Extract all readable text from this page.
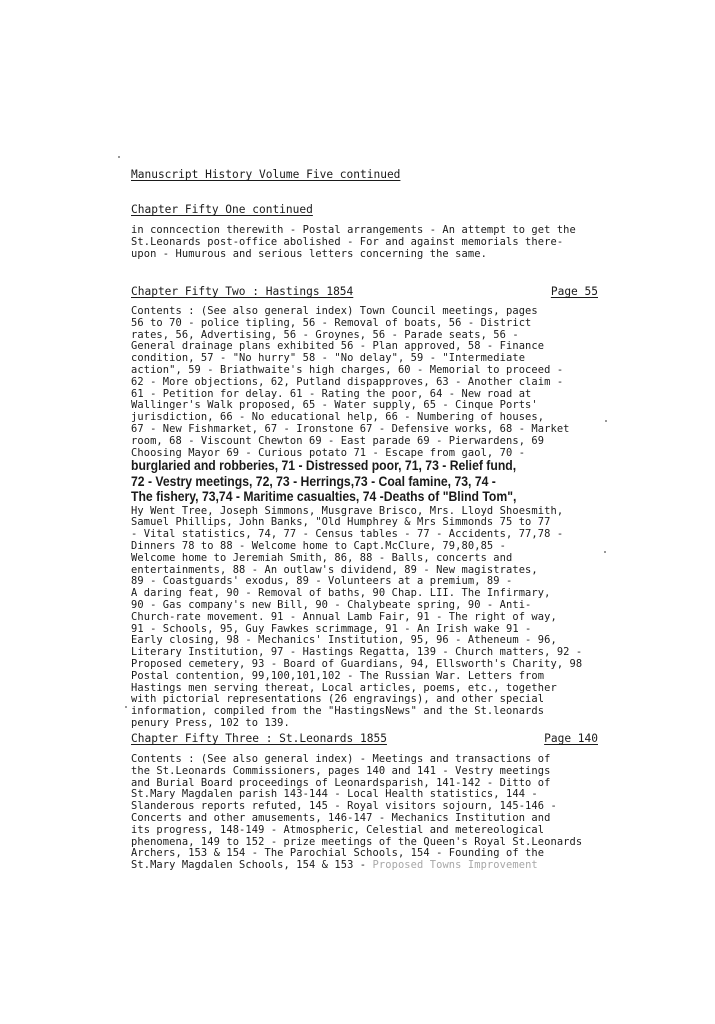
Manuscript History Volume Five continued
Chapter Fifty One continued
in conncection therewith - Postal arrangements - An attempt to get the
St.Leonards post-office abolished - For and against memorials there-
upon - Humurous and serious letters concerning the same.
Chapter Fifty Two : Hastings 1854	Page 55
Contents : (See also general index) Town Council meetings, pages
56 to 70 - police tipling, 56 - Removal of boats, 56 - District
rates, 56, Advertising, 56 - Groynes, 56 - Parade seats, 56 -
General drainage plans exhibited 56 - Plan approved, 58 - Finance
condition, 57 - "No hurry" 58 - "No delay", 59 - "Intermediate
action", 59 - Briathwaite's high charges, 60 - Memorial to proceed -
62 - More objections, 62, Putland dispapproves, 63 - Another claim -
61 - Petition for delay. 61 - Rating the poor, 64 - New road at
Wallinger's Walk proposed, 65 - Water supply, 65 - Cinque Ports'
jurisdiction, 66 - No educational help, 66 - Numbering of houses,
67 - New Fishmarket, 67 - Ironstone 67 - Defensive works, 68 - Market
room, 68 - Viscount Chewton 69 - East parade 69 - Pierwardens, 69
Choosing Mayor 69 - Curious potato 71 - Escape from gaol, 70 -
burglaried and robberies, 71 - Distressed poor, 71, 73 - Relief fund,
72 - Vestry meetings, 72, 73 - Herrings,73 - Coal famine, 73, 74 -
The fishery, 73,74 - Maritime casualties, 74 -Deaths of "Blind Tom",
Hy Went Tree, Joseph Simmons, Musgrave Brisco, Mrs. Lloyd Shoesmith,
Samuel Phillips, John Banks, "Old Humphrey & Mrs Simmonds 75 to 77
- Vital statistics, 74, 77 - Census tables - 77 - Accidents, 77,78 -
Dinners 78 to 88 - Welcome home to Capt.McClure, 79,80,85 -
Welcome home to Jeremiah Smith, 86, 88 - Balls, concerts and
entertainments, 88 - An outlaw's dividend, 89 - New magistrates,
89 - Coastguards' exodus, 89 - Volunteers at a premium, 89 -
A daring feat, 90 - Removal of baths, 90 Chap. LII. The Infirmary,
90 - Gas company's new Bill, 90 - Chalybeate spring, 90 - Anti-
Church-rate movement. 91 - Annual Lamb Fair, 91 - The right of way,
91 - Schools, 95, Guy Fawkes scrimmage, 91 - An Irish wake 91 -
Early closing, 98 - Mechanics' Institution, 95, 96 - Atheneum - 96,
Literary Institution, 97 - Hastings Regatta, 139 - Church matters, 92 -
Proposed cemetery, 93 - Board of Guardians, 94, Ellsworth's Charity, 98
Postal contention, 99,100,101,102 - The Russian War. Letters from
Hastings men serving thereat, Local articles, poems, etc., together
with pictorial representations (26 engravings), and other special
information, compiled from the "HastingsNews" and the St.leonards
penury Press, 102 to 139.
Chapter Fifty Three : St.Leonards 1855	Page 140
Contents : (See also general index) - Meetings and transactions of
the St.Leonards Commissioners, pages 140 and 141 - Vestry meetings
and Burial Board proceedings of Leonardsparish, 141-142 - Ditto of
St.Mary Magdalen parish 143-144 - Local Health statistics, 144 -
Slanderous reports refuted, 145 - Royal visitors sojourn, 145-146 -
Concerts and other amusements, 146-147 - Mechanics Institution and
its progress, 148-149 - Atmospheric, Celestial and metereological
phenomena, 149 to 152 - prize meetings of the Queen's Royal St.Leonards
Archers, 153 & 154 - The Parochial Schools, 154 - Founding of the
St.Mary Magdalen Schools, 154 & 153 - Proposed Towns Improvement
